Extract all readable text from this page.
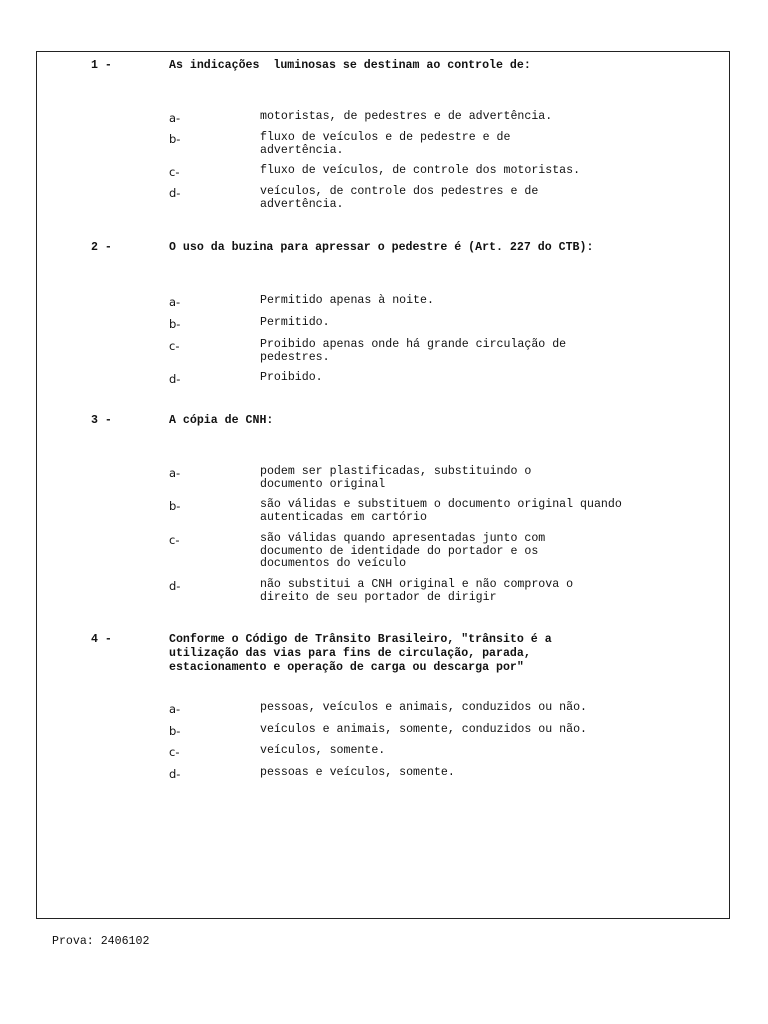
1 -	As indicações  luminosas se destinam ao controle de:
a-	motoristas, de pedestres e de advertência.
b-	fluxo de veículos e de pedestre e de advertência.
c-	fluxo de veículos, de controle dos motoristas.
d-	veículos, de controle dos pedestres e de advertência.
2 -	O uso da buzina para apressar o pedestre é (Art. 227 do CTB):
a-	Permitido apenas à noite.
b-	Permitido.
c-	Proibido apenas onde há grande circulação de pedestres.
d-	Proibido.
3 -	A cópia de CNH:
a-	podem ser plastificadas, substituindo o documento original
b-	são válidas e substituem o documento original quando autenticadas em cartório
c-	são válidas quando apresentadas junto com documento de identidade do portador e os documentos do veículo
d-	não substitui a CNH original e não comprova o direito de seu portador de dirigir
4 -	Conforme o Código de Trânsito Brasileiro, "trânsito é a utilização das vias para fins de circulação, parada, estacionamento e operação de carga ou descarga por"
a-	pessoas, veículos e animais, conduzidos ou não.
b-	veículos e animais, somente, conduzidos ou não.
c-	veículos, somente.
d-	pessoas e veículos, somente.
Prova: 2406102
